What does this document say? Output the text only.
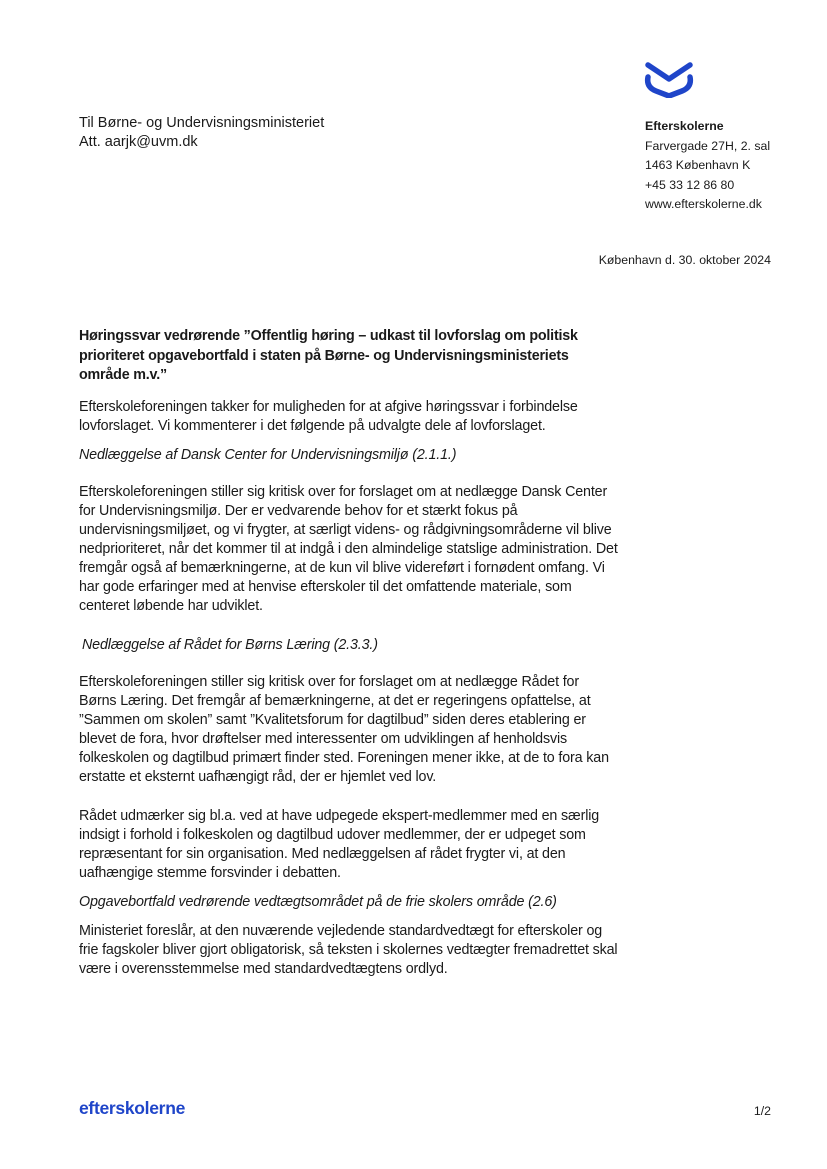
Til Børne- og Undervisningsministeriet
Att. aarjk@uvm.dk
Efterskolerne
Farvergade 27H, 2. sal
1463 København K
+45 33 12 86 80
www.efterskolerne.dk
København d. 30. oktober 2024
Høringssvar vedrørende ”Offentlig høring – udkast til lovforslag om politisk prioriteret opgavebortfald i staten på Børne- og Undervisningsministeriets område m.v.”
Efterskoleforeningen takker for muligheden for at afgive høringssvar i forbindelse lovforslaget. Vi kommenterer i det følgende på udvalgte dele af lovforslaget.
Nedlæggelse af Dansk Center for Undervisningsmiljø (2.1.1.)
Efterskoleforeningen stiller sig kritisk over for forslaget om at nedlægge Dansk Center for Undervisningsmiljø. Der er vedvarende behov for et stærkt fokus på undervisningsmiljøet, og vi frygter, at særligt videns- og rådgivningsområderne vil blive nedprioriteret, når det kommer til at indgå i den almindelige statslige administration. Det fremgår også af bemærkningerne, at de kun vil blive videreført i fornødent omfang. Vi har gode erfaringer med at henvise efterskoler til det omfattende materiale, som centeret løbende har udviklet.
Nedlæggelse af Rådet for Børns Læring (2.3.3.)
Efterskoleforeningen stiller sig kritisk over for forslaget om at nedlægge Rådet for Børns Læring. Det fremgår af bemærkningerne, at det er regeringens opfattelse, at ”Sammen om skolen” samt ”Kvalitetsforum for dagtilbud” siden deres etablering er blevet de fora, hvor drøftelser med interessenter om udviklingen af henholdsvis folkeskolen og dagtilbud primært finder sted. Foreningen mener ikke, at de to fora kan erstatte et eksternt uafhængigt råd, der er hjemlet ved lov.
Rådet udmærker sig bl.a. ved at have udpegede ekspert-medlemmer med en særlig indsigt i forhold i folkeskolen og dagtilbud udover medlemmer, der er udpeget som repræsentant for sin organisation. Med nedlæggelsen af rådet frygter vi, at den uafhængige stemme forsvinder i debatten.
Opgavebortfald vedrørende vedtægtsområdet på de frie skolers område (2.6)
Ministeriet foreslår, at den nuværende vejledende standardvedtægt for efterskoler og frie fagskoler bliver gjort obligatorisk, så teksten i skolernes vedtægter fremadrettet skal være i overensstemmelse med standardvedtægtens ordlyd.
efterskolerne	1/2
